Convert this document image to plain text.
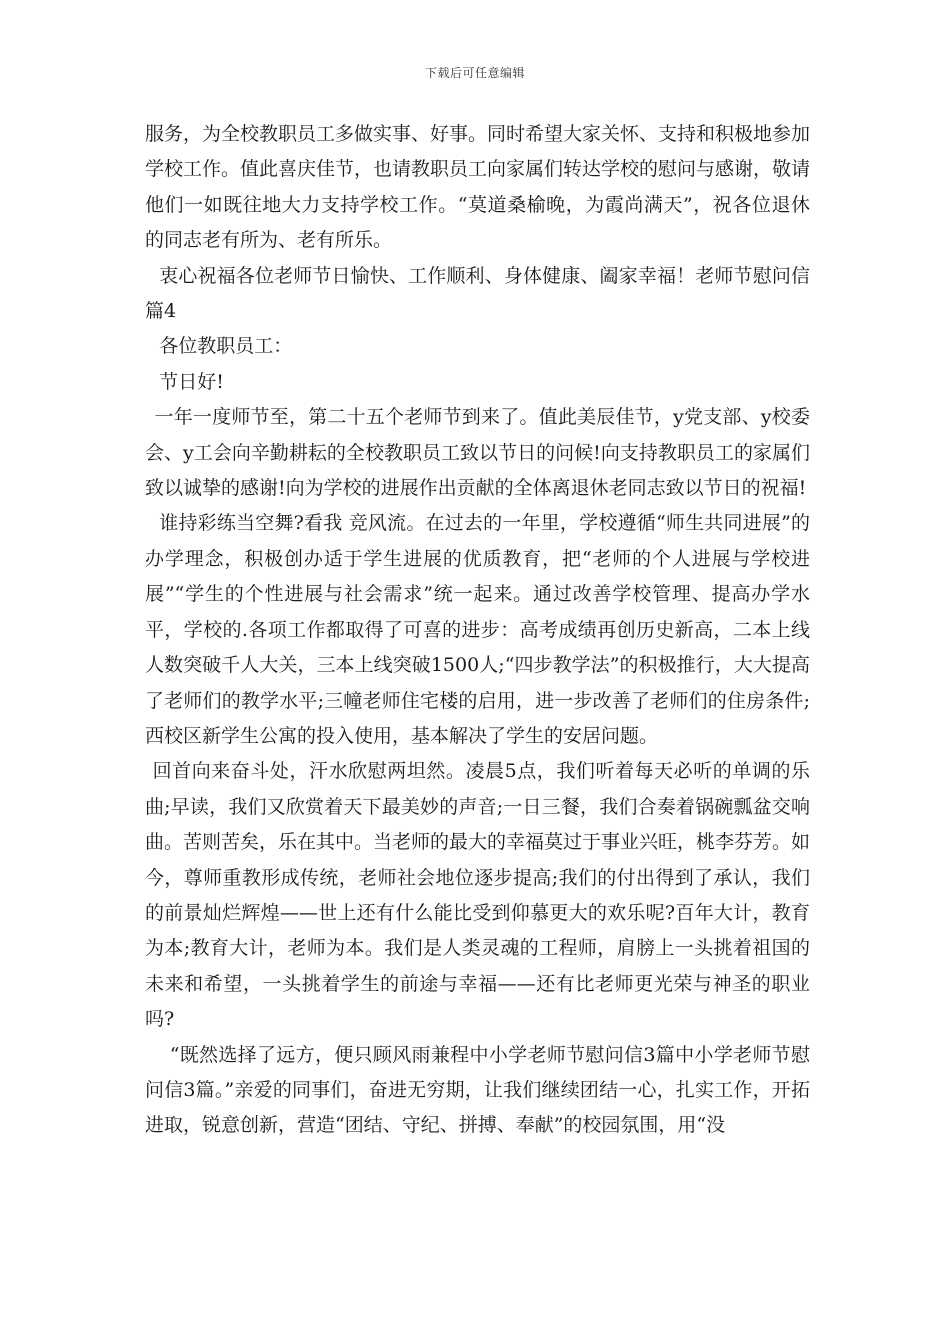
下载后可任意编辑

服务，为全校教职员工多做实事、好事。同时希望大家关怀、支持和积极地参加学校工作。值此喜庆佳节，也请教职员工向家属们转达学校的慰问与感谢，敬请他们一如既往地大力支持学校工作。“莫道桑榆晚，为霞尚满天”，祝各位退休的同志老有所为、老有所乐。

衷心祝福各位老师节日愉快、工作顺利、身体健康、阖家幸福！老师节慰问信 篇4

各位教职员工：

节日好!

一年一度师节至，第二十五个老师节到来了。值此美辰佳节，y党支部、y校委会、y工会向辛勤耕耘的全校教职员工致以节日的问候!向支持教职员工的家属们致以诚挚的感谢!向为学校的进展作出贡献的全体离退休老同志致以节日的祝福!

谁持彩练当空舞?看我 竞风流。在过去的一年里，学校遵循“师生共同进展”的办学理念，积极创办适于学生进展的优质教育，把“老师的个人进展与学校进展”“学生的个性进展与社会需求”统一起来。通过改善学校管理、提高办学水平，学校的.各项工作都取得了可喜的进步：高考成绩再创历史新高，二本上线人数突破千人大关，三本上线突破1500人;“四步教学法”的积极推行，大大提高了老师们的教学水平;三幢老师住宅楼的启用，进一步改善了老师们的住房条件;西校区新学生公寓的投入使用，基本解决了学生的安居问题。

回首向来奋斗处，汗水欣慰两坦然。凌晨5点，我们听着每天必听的单调的乐曲;早读，我们又欣赏着天下最美妙的声音;一日三餐，我们合奏着锅碗瓢盆交响曲。苦则苦矣，乐在其中。当老师的最大的幸福莫过于事业兴旺，桃李芬芳。如今，尊师重教形成传统，老师社会地位逐步提高;我们的付出得到了承认，我们的前景灿烂辉煌——世上还有什么能比受到仰慕更大的欢乐呢?百年大计，教育为本;教育大计，老师为本。我们是人类灵魂的工程师，肩膀上一头挑着祖国的未来和希望，一头挑着学生的前途与幸福——还有比老师更光荣与神圣的职业吗?

“既然选择了远方，便只顾风雨兼程中小学老师节慰问信3篇中小学老师节慰问信3篇。”亲爱的同事们，奋进无穷期，让我们继续团结一心，扎实工作，开拓进取，锐意创新，营造“团结、守纪、拼搏、奉献”的校园氛围，用“没
